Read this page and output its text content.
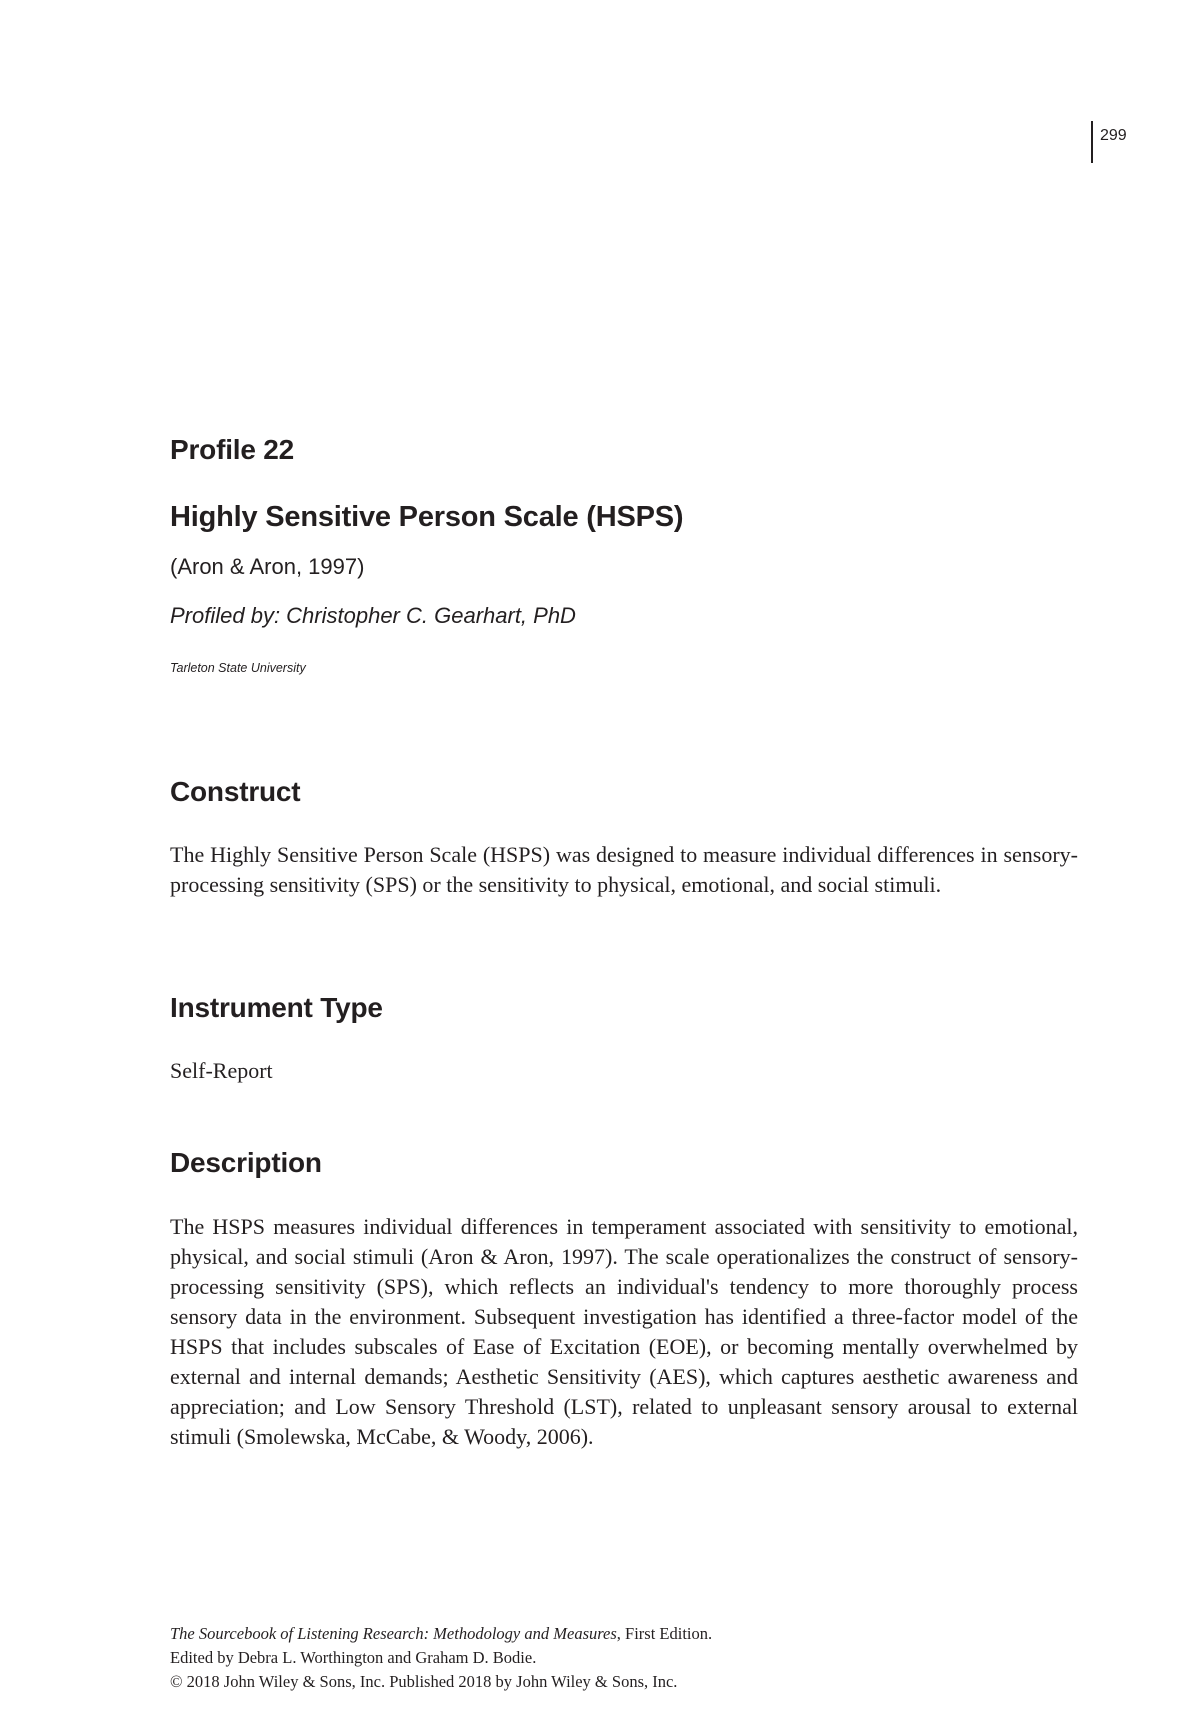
299
Profile 22
Highly Sensitive Person Scale (HSPS)
(Aron & Aron, 1997)
Profiled by: Christopher C. Gearhart, PhD
Tarleton State University
Construct

The Highly Sensitive Person Scale (HSPS) was designed to measure individual differences in sensory-processing sensitivity (SPS) or the sensitivity to physical, emotional, and social stimuli.

Instrument Type

Self-Report

Description

The HSPS measures individual differences in temperament associated with sensitivity to emotional, physical, and social stimuli (Aron & Aron, 1997). The scale operationalizes the construct of sensory-processing sensitivity (SPS), which reflects an individual's tendency to more thoroughly process sensory data in the environment. Subsequent investigation has identified a three-factor model of the HSPS that includes subscales of Ease of Excitation (EOE), or becoming mentally overwhelmed by external and internal demands; Aesthetic Sensitivity (AES), which captures aesthetic awareness and appreciation; and Low Sensory Threshold (LST), related to unpleasant sensory arousal to external stimuli (Smolewska, McCabe, & Woody, 2006).

The Sourcebook of Listening Research: Methodology and Measures, First Edition.
Edited by Debra L. Worthington and Graham D. Bodie.
© 2018 John Wiley & Sons, Inc. Published 2018 by John Wiley & Sons, Inc.
